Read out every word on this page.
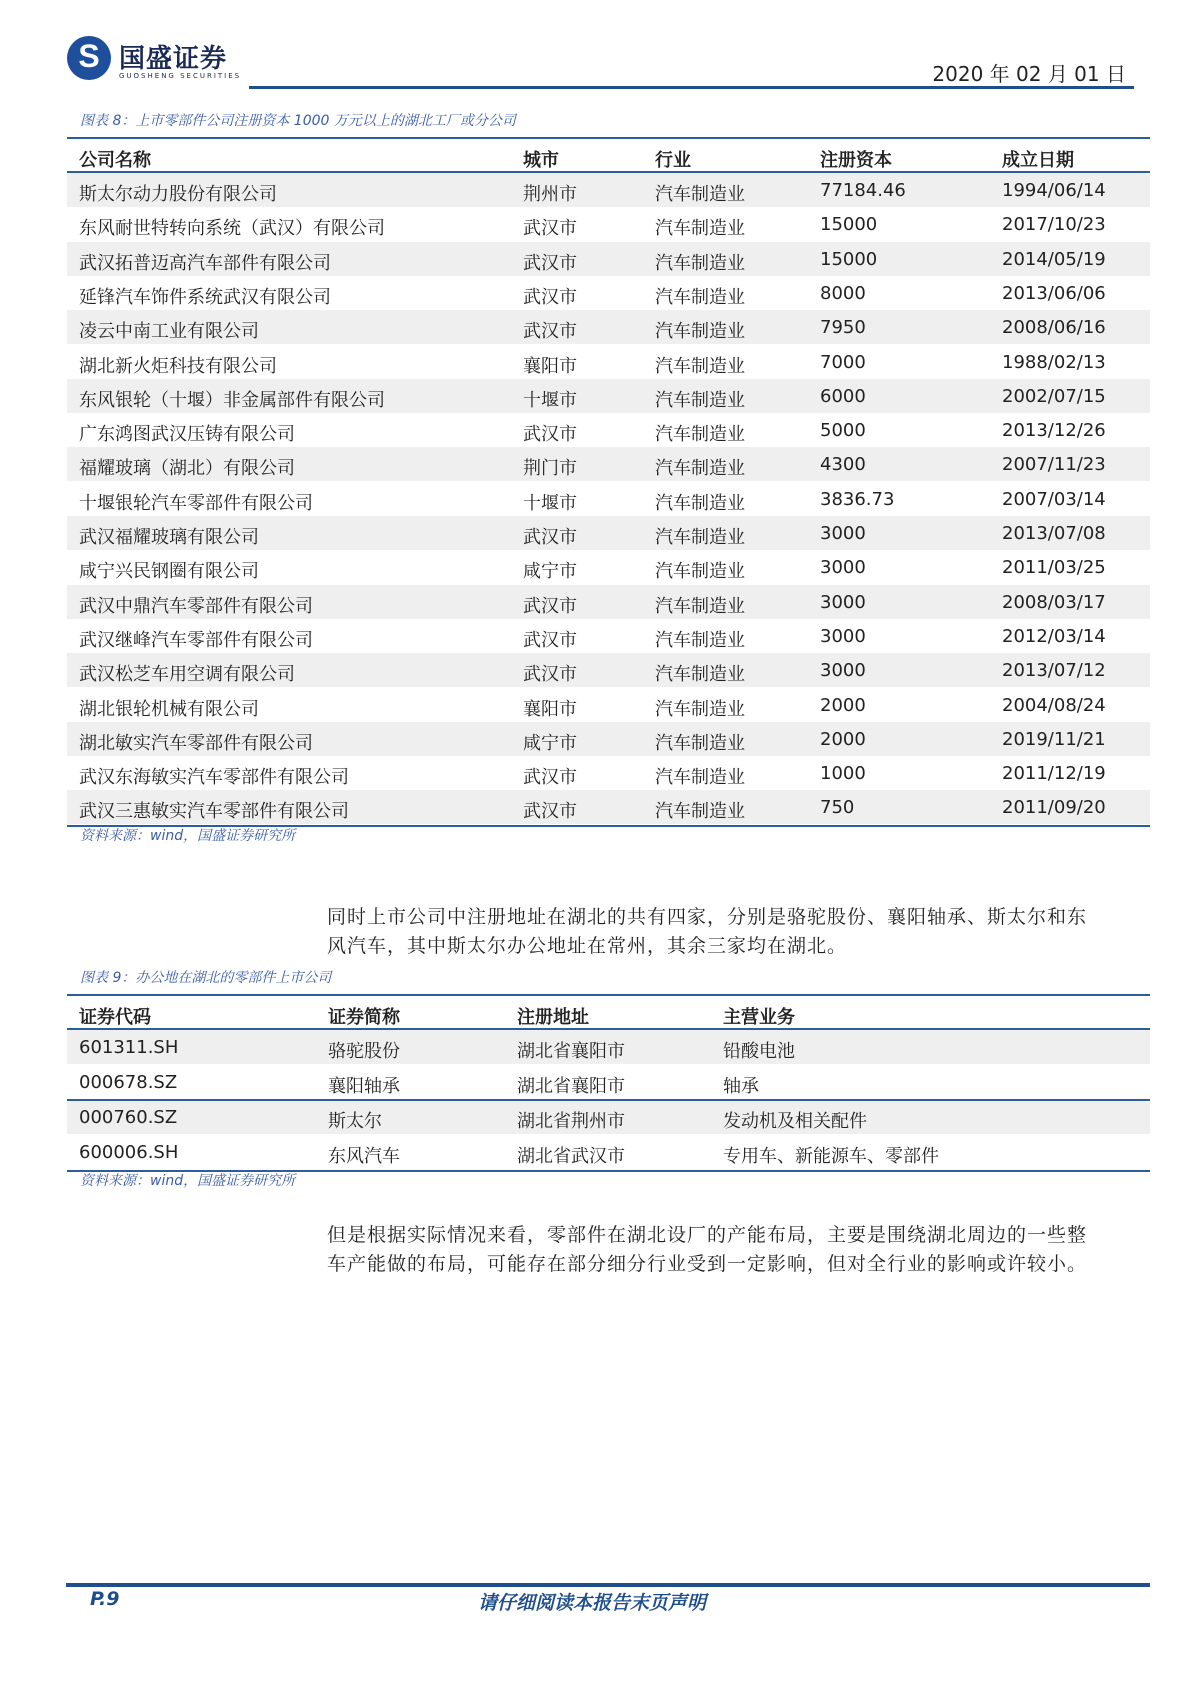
S
国盛证券
GUOSHENG SECURITIES	2020 年 02 月 01 日
图表 8：上市零部件公司注册资本 1000 万元以上的湖北工厂或分公司
公司名称	城市	行业	注册资本	成立日期
斯太尔动力股份有限公司	荆州市	汽车制造业	77184.46	1994/06/14
东风耐世特转向系统（武汉）有限公司	武汉市	汽车制造业	15000	2017/10/23
武汉拓普迈高汽车部件有限公司	武汉市	汽车制造业	15000	2014/05/19
延锋汽车饰件系统武汉有限公司	武汉市	汽车制造业	8000	2013/06/06
凌云中南工业有限公司	武汉市	汽车制造业	7950	2008/06/16
湖北新火炬科技有限公司	襄阳市	汽车制造业	7000	1988/02/13
东风银轮（十堰）非金属部件有限公司	十堰市	汽车制造业	6000	2002/07/15
广东鸿图武汉压铸有限公司	武汉市	汽车制造业	5000	2013/12/26
福耀玻璃（湖北）有限公司	荆门市	汽车制造业	4300	2007/11/23
十堰银轮汽车零部件有限公司	十堰市	汽车制造业	3836.73	2007/03/14
武汉福耀玻璃有限公司	武汉市	汽车制造业	3000	2013/07/08
咸宁兴民钢圈有限公司	咸宁市	汽车制造业	3000	2011/03/25
武汉中鼎汽车零部件有限公司	武汉市	汽车制造业	3000	2008/03/17
武汉继峰汽车零部件有限公司	武汉市	汽车制造业	3000	2012/03/14
武汉松芝车用空调有限公司	武汉市	汽车制造业	3000	2013/07/12
湖北银轮机械有限公司	襄阳市	汽车制造业	2000	2004/08/24
湖北敏实汽车零部件有限公司	咸宁市	汽车制造业	2000	2019/11/21
武汉东海敏实汽车零部件有限公司	武汉市	汽车制造业	1000	2011/12/19
武汉三惠敏实汽车零部件有限公司	武汉市	汽车制造业	750	2011/09/20
资料来源：wind，国盛证券研究所
同时上市公司中注册地址在湖北的共有四家，分别是骆驼股份、襄阳轴承、斯太尔和东
风汽车，其中斯太尔办公地址在常州，其余三家均在湖北。
图表 9：办公地在湖北的零部件上市公司
证券代码	证券简称	注册地址	主营业务
601311.SH	骆驼股份	湖北省襄阳市	铅酸电池
000678.SZ	襄阳轴承	湖北省襄阳市	轴承
000760.SZ	斯太尔	湖北省荆州市	发动机及相关配件
600006.SH	东风汽车	湖北省武汉市	专用车、新能源车、零部件
资料来源：wind，国盛证券研究所
但是根据实际情况来看，零部件在湖北设厂的产能布局，主要是围绕湖北周边的一些整
车产能做的布局，可能存在部分细分行业受到一定影响，但对全行业的影响或许较小。
P.9	请仔细阅读本报告末页声明
